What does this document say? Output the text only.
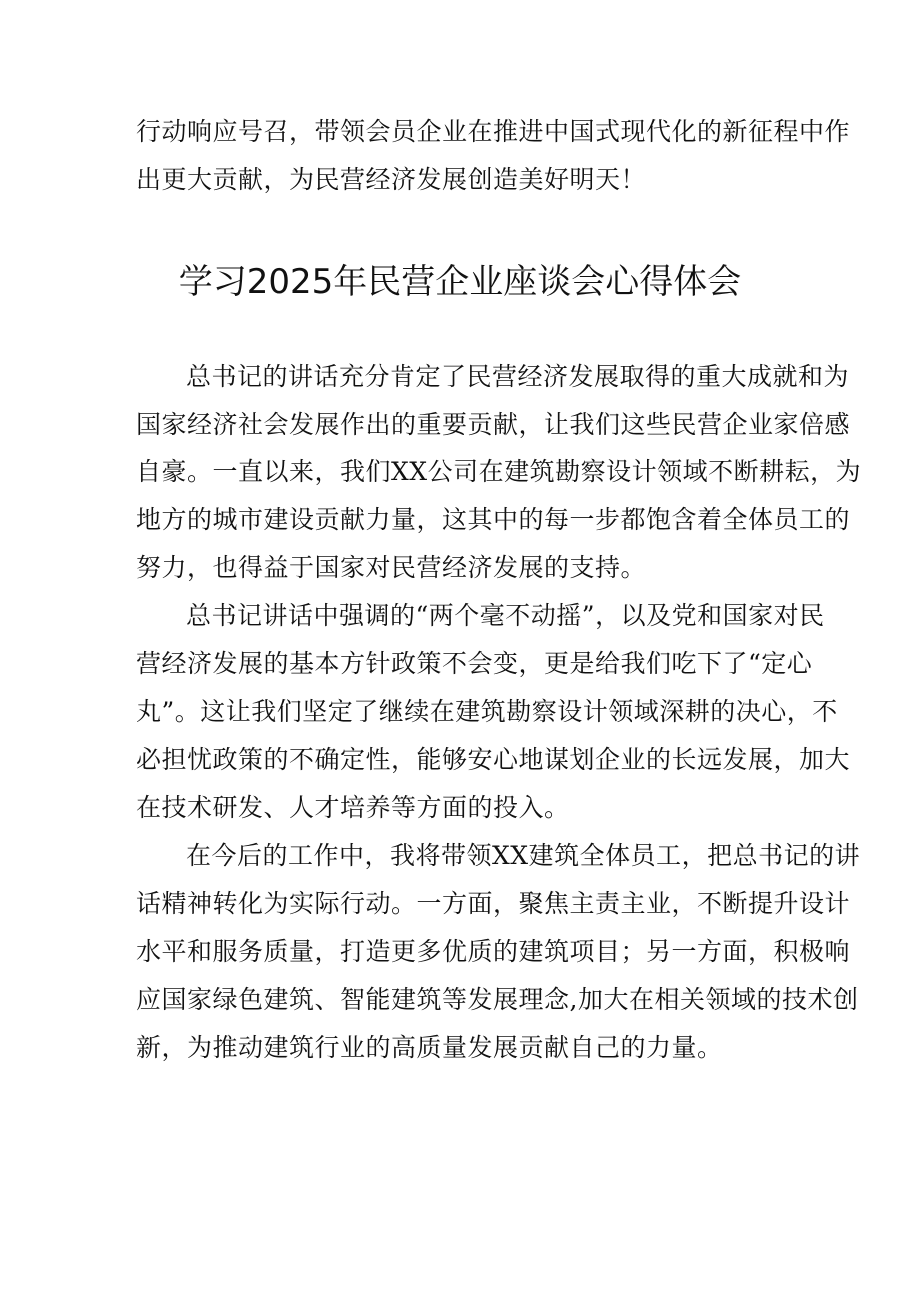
行动响应号召，带领会员企业在推进中国式现代化的新征程中作
出更大贡献，为民营经济发展创造美好明天！
学习2025年民营企业座谈会心得体会
总书记的讲话充分肯定了民营经济发展取得的重大成就和为
国家经济社会发展作出的重要贡献，让我们这些民营企业家倍感
自豪。一直以来，我们XX公司在建筑勘察设计领域不断耕耘，为
地方的城市建设贡献力量，这其中的每一步都饱含着全体员工的
努力，也得益于国家对民营经济发展的支持。
总书记讲话中强调的“两个毫不动摇”，以及党和国家对民
营经济发展的基本方针政策不会变，更是给我们吃下了“定心
丸”。这让我们坚定了继续在建筑勘察设计领域深耕的决心，不
必担忧政策的不确定性，能够安心地谋划企业的长远发展，加大
在技术研发、人才培养等方面的投入。
在今后的工作中，我将带领XX建筑全体员工，把总书记的讲
话精神转化为实际行动。一方面，聚焦主责主业，不断提升设计
水平和服务质量，打造更多优质的建筑项目；另一方面，积极响
应国家绿色建筑、智能建筑等发展理念,加大在相关领域的技术创
新，为推动建筑行业的高质量发展贡献自己的力量。
